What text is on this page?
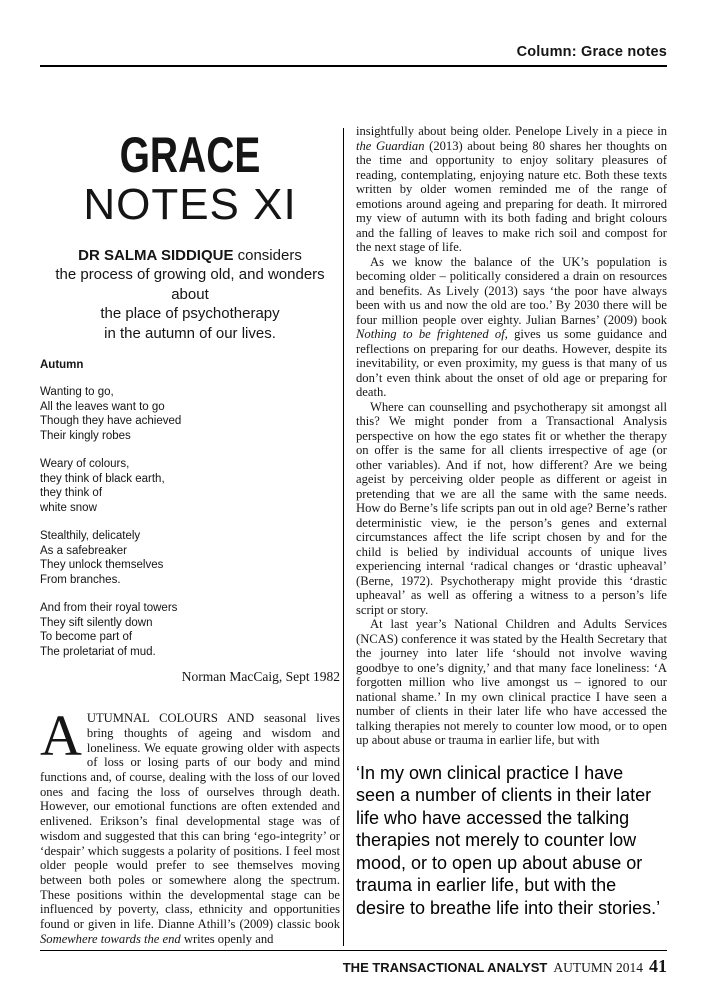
Column: Grace notes
GRACE
NOTES XI
DR SALMA SIDDIQUE considers
the process of growing old, and wonders about
the place of psychotherapy
in the autumn of our lives.
Autumn
Wanting to go,
All the leaves want to go
Though they have achieved
Their kingly robes
Weary of colours,
they think of black earth,
they think of
white snow
Stealthily, delicately
As a safebreaker
They unlock themselves
From branches.
And from their royal towers
They sift silently down
To become part of
The proletariat of mud.
Norman MacCaig, Sept 1982

AUTUMNAL COLOURS AND seasonal lives bring thoughts of ageing and wisdom and loneliness. We equate growing older with aspects of loss or losing parts of our body and mind functions and, of course, dealing with the loss of our loved ones and facing the loss of ourselves through death. However, our emotional functions are often extended and enlivened. Erikson’s final developmental stage was of wisdom and suggested that this can bring ‘ego-integrity’ or ‘despair’ which suggests a polarity of positions. I feel most older people would prefer to see themselves moving between both poles or somewhere along the spectrum. These positions within the developmental stage can be influenced by poverty, class, ethnicity and opportunities found or given in life. Dianne Athill’s (2009) classic book Somewhere towards the end writes openly and

insightfully about being older. Penelope Lively in a piece in the Guardian (2013) about being 80 shares her thoughts on the time and opportunity to enjoy solitary pleasures of reading, contemplating, enjoying nature etc. Both these texts written by older women reminded me of the range of emotions around ageing and preparing for death. It mirrored my view of autumn with its both fading and bright colours and the falling of leaves to make rich soil and compost for the next stage of life.

As we know the balance of the UK’s population is becoming older – politically considered a drain on resources and benefits. As Lively (2013) says ‘the poor have always been with us and now the old are too.’ By 2030 there will be four million people over eighty. Julian Barnes’ (2009) book Nothing to be frightened of, gives us some guidance and reflections on preparing for our deaths. However, despite its inevitability, or even proximity, my guess is that many of us don’t even think about the onset of old age or preparing for death.

Where can counselling and psychotherapy sit amongst all this? We might ponder from a Transactional Analysis perspective on how the ego states fit or whether the therapy on offer is the same for all clients irrespective of age (or other variables). And if not, how different? Are we being ageist by perceiving older people as different or ageist in pretending that we are all the same with the same needs. How do Berne’s life scripts pan out in old age? Berne’s rather deterministic view, ie the person’s genes and external circumstances affect the life script chosen by and for the child is belied by individual accounts of unique lives experiencing internal ‘radical changes or ‘drastic upheaval’ (Berne, 1972). Psychotherapy might provide this ‘drastic upheaval’ as well as offering a witness to a person’s life script or story.

At last year’s National Children and Adults Services (NCAS) conference it was stated by the Health Secretary that the journey into later life ‘should not involve waving goodbye to one’s dignity,’ and that many face loneliness: ‘A forgotten million who live amongst us – ignored to our national shame.’ In my own clinical practice I have seen a number of clients in their later life who have accessed the talking therapies not merely to counter low mood, or to open up about abuse or trauma in earlier life, but with

‘In my own clinical practice I have seen a number of clients in their later life who have accessed the talking therapies not merely to counter low mood, or to open up about abuse or trauma in earlier life, but with the desire to breathe life into their stories.’
THE TRANSACTIONAL ANALYST AUTUMN 2014 41
